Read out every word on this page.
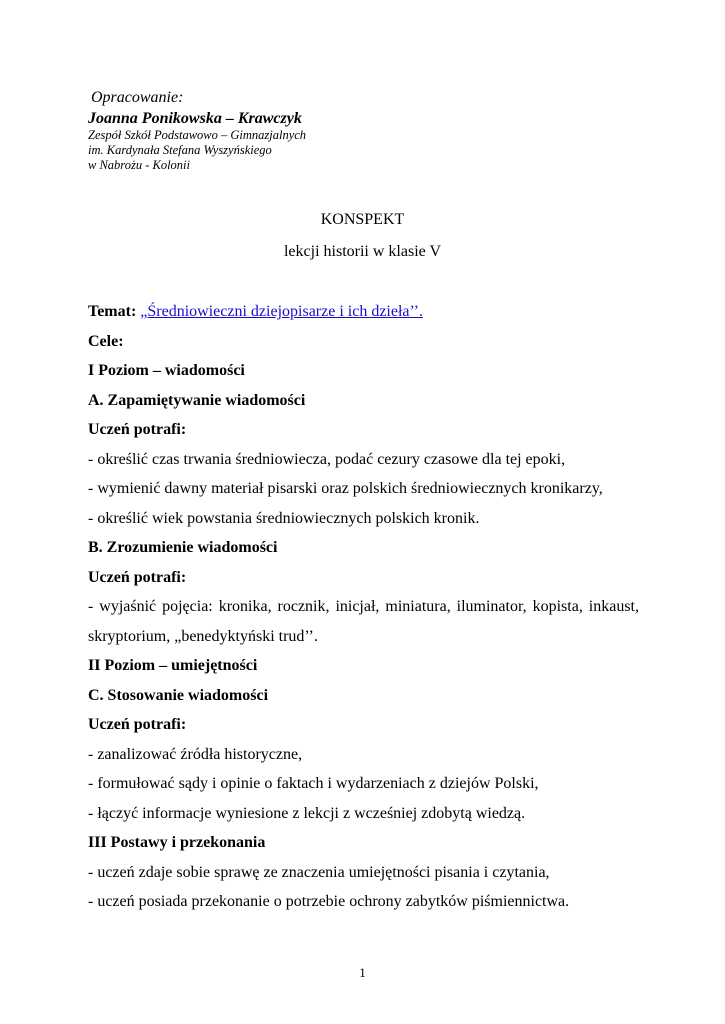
Opracowanie:
Joanna Ponikowska – Krawczyk
Zespół Szkół Podstawowo – Gimnazjalnych
im. Kardynała Stefana Wyszyńskiego
w Nabrożu - Kolonii
KONSPEKT
lekcji historii w klasie V
Temat: „Średniowieczni dziejopisarze i ich dzieła’’.
Cele:
I Poziom – wiadomości
A. Zapamiętywanie wiadomości
Uczeń potrafi:
- określić czas trwania średniowiecza, podać cezury czasowe dla tej epoki,
- wymienić dawny materiał pisarski oraz polskich średniowiecznych kronikarzy,
- określić wiek powstania średniowiecznych polskich kronik.
B. Zrozumienie wiadomości
Uczeń potrafi:
- wyjaśnić pojęcia: kronika, rocznik, inicjał, miniatura, iluminator, kopista, inkaust, skryptorium, „benedyktyński trud’’.
II Poziom – umiejętności
C. Stosowanie wiadomości
Uczeń potrafi:
- zanalizować źródła historyczne,
- formułować sądy i opinie o faktach i wydarzeniach z dziejów Polski,
- łączyć informacje wyniesione z lekcji z wcześniej zdobytą wiedzą.
III Postawy i przekonania
- uczeń zdaje sobie sprawę ze znaczenia umiejętności pisania i czytania,
- uczeń posiada przekonanie o potrzebie ochrony zabytków piśmiennictwa.
1
